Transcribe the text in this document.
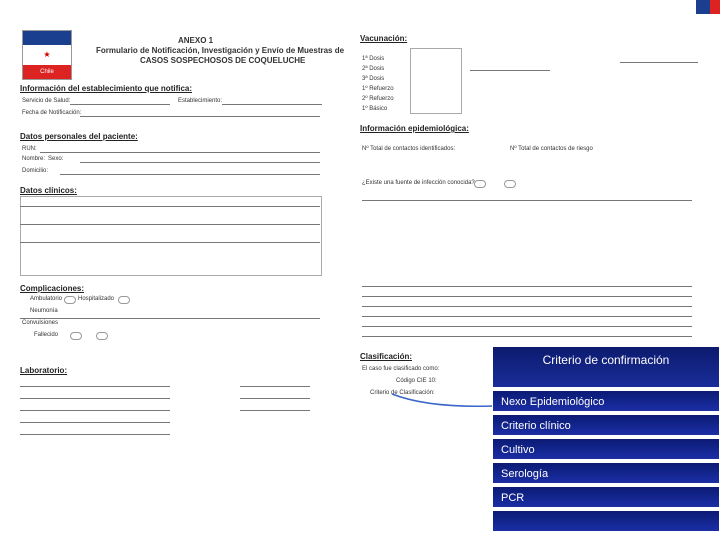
★
Chile
ANEXO 1
Formulario de Notificación, Investigación y Envío de Muestras de
CASOS SOSPECHOSOS DE COQUELUCHE
Información del establecimiento que notifica:
Servicio de Salud:	Establecimiento:
Fecha de Notificación:
Datos personales del paciente:
RUN:
Nombre: Sexo:
Domicilio:
Datos clínicos:
Complicaciones:
Ambulatorio	Hospitalizado
Neumonía
Convulsiones
Fallecido
Laboratorio:
Vacunación:
1ª Dosis
2ª Dosis
3ª Dosis
1º Refuerzo
2º Refuerzo
1º Básico
Información epidemiológica:
Nº Total de contactos identificados:	Nº Total de contactos de riesgo
¿Existe una fuente de infección conocida?
Clasificación:
El caso fue clasificado como:
Código CIE 10:
Criterio de Clasificación:
Criterio de confirmación
Nexo Epidemiológico
Criterio clínico
Cultivo
Serología
PCR
